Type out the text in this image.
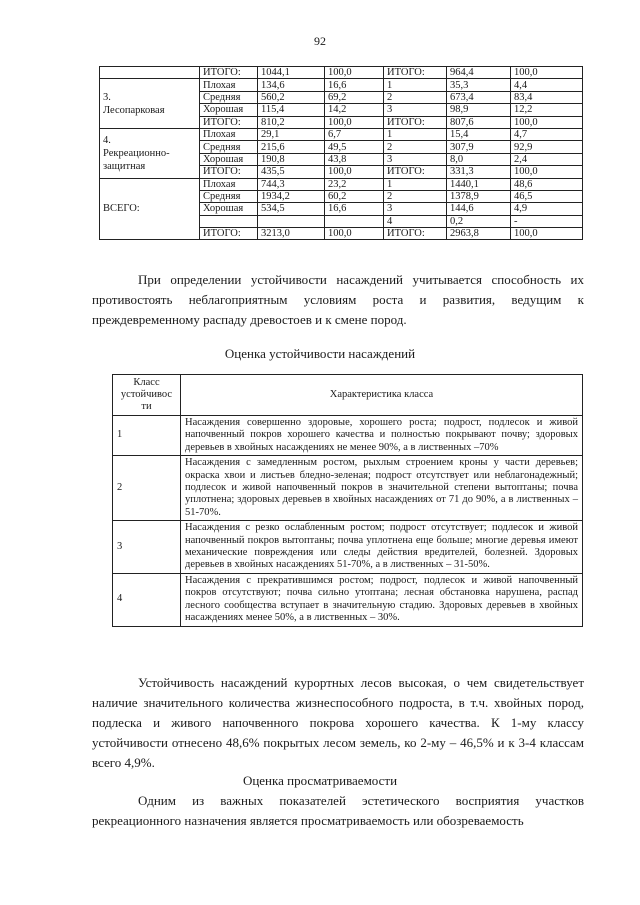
92
	ИТОГО:	1044,1	100,0	ИТОГО:	964,4	100,0
3.
Лесопарковая	Плохая	134,6	16,6	1	35,3	4,4
	Средняя	560,2	69,2	2	673,4	83,4
	Хорошая	115,4	14,2	3	98,9	12,2
	ИТОГО:	810,2	100,0	ИТОГО:	807,6	100,0
4.
Рекреационно-
защитная	Плохая	29,1	6,7	1	15,4	4,7
	Средняя	215,6	49,5	2	307,9	92,9
	Хорошая	190,8	43,8	3	8,0	2,4
	ИТОГО:	435,5	100,0	ИТОГО:	331,3	100,0
ВСЕГО:	Плохая	744,3	23,2	1	1440,1	48,6
	Средняя	1934,2	60,2	2	1378,9	46,5
	Хорошая	534,5	16,6	3	144,6	4,9
				4	0,2	-
	ИТОГО:	3213,0	100,0	ИТОГО:	2963,8	100,0
При определении устойчивости насаждений учитывается способность их противостоять неблагоприятным условиям роста и развития, ведущим к преждевременному распаду древостоев и к смене пород.
Оценка устойчивости насаждений
Класс устойчивос ти	Характеристика класса
1	Насаждения совершенно здоровые, хорошего роста; подрост, подлесок и живой напочвенный покров хорошего качества и полностью покрывают почву; здоровых деревьев в хвойных насаждениях не менее 90%, а в лиственных –70%
2	Насаждения с замедленным ростом, рыхлым строением кроны у части деревьев; окраска хвои и листьев бледно-зеленая; подрост отсутствует или неблагонадежный; подлесок и живой напочвенный покров в значительной степени вытоптаны; почва уплотнена; здоровых деревьев в хвойных насаждениях от 71 до 90%, а в лиственных – 51-70%.
3	Насаждения с резко ослабленным ростом; подрост отсутствует; подлесок и живой напочвенный покров вытоптаны; почва уплотнена еще больше; многие деревья имеют механические повреждения или следы действия вредителей, болезней. Здоровых деревьев в хвойных насаждениях 51-70%, а в лиственных – 31-50%.
4	Насаждения с прекратившимся ростом; подрост, подлесок и живой напочвенный покров отсутствуют; почва сильно утоптана; лесная обстановка нарушена, распад лесного сообщества вступает в значительную стадию. Здоровых деревьев в хвойных насаждениях менее 50%, а в лиственных – 30%.
Устойчивость насаждений курортных лесов высокая, о чем свидетельствует наличие значительного количества жизнеспособного подроста, в т.ч. хвойных пород, подлеска и живого напочвенного покрова хорошего качества. К 1-му классу устойчивости отнесено 48,6% покрытых лесом земель, ко 2-му – 46,5% и к 3-4 классам всего 4,9%.
Оценка просматриваемости
Одним из важных показателей эстетического восприятия участков рекреационного назначения является просматриваемость или обозреваемость
